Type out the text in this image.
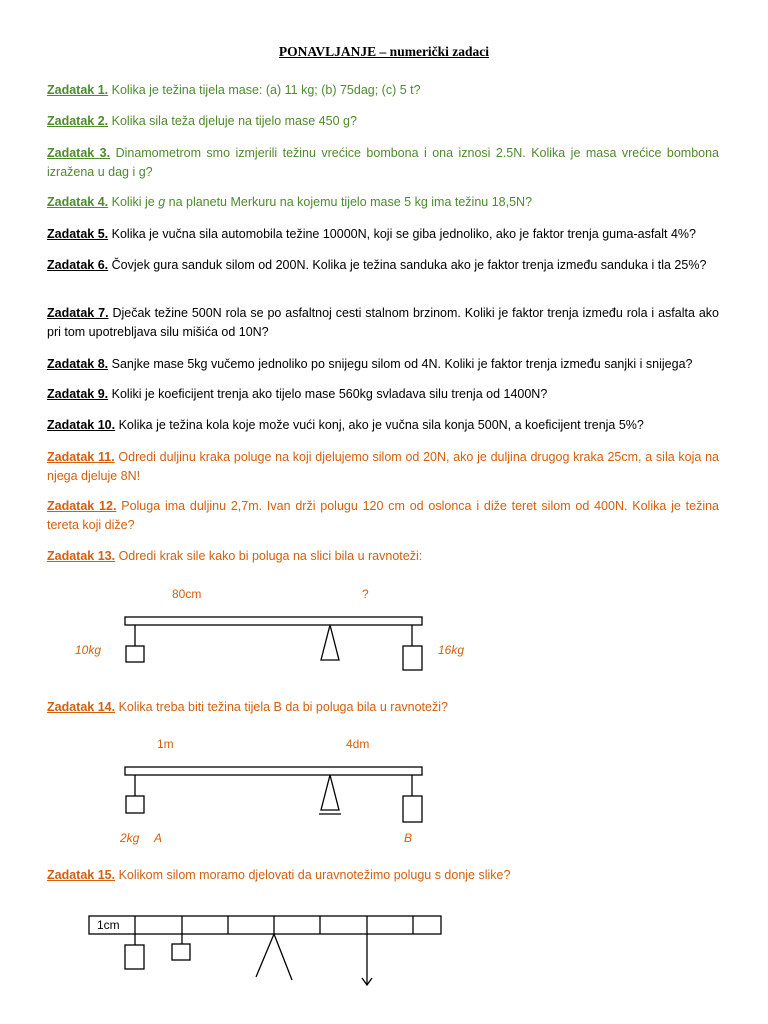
PONAVLJANJE – numerički zadaci
Zadatak 1. Kolika je težina tijela mase: (a) 11 kg; (b) 75dag; (c) 5 t?
Zadatak 2. Kolika sila teža djeluje na tijelo mase 450 g?
Zadatak 3. Dinamometrom smo izmjerili težinu vrećice bombona i ona iznosi 2.5N. Kolika je masa vrećice bombona izražena u dag i g?
Zadatak 4. Koliki je g na planetu Merkuru na kojemu tijelo mase 5 kg ima težinu 18,5N?
Zadatak 5. Kolika je vučna sila automobila težine 10000N, koji se giba jednoliko, ako je faktor trenja guma-asfalt 4%?
Zadatak 6. Čovjek gura sanduk silom od 200N. Kolika je težina sanduka ako je faktor trenja između sanduka i tla 25%?
Zadatak 7. Dječak težine 500N rola se po asfaltnoj cesti stalnom brzinom. Koliki je faktor trenja između rola i asfalta ako pri tom upotrebljava silu mišića od 10N?
Zadatak 8. Sanjke mase 5kg vučemo jednoliko po snijegu silom od 4N. Koliki je faktor trenja između sanjki i snijega?
Zadatak 9. Koliki je koeficijent trenja ako tijelo mase 560kg svladava silu trenja od 1400N?
Zadatak 10. Kolika je težina kola koje može vući konj, ako je vučna sila konja 500N, a koeficijent trenja 5%?
Zadatak 11. Odredi duljinu kraka poluge na koji djelujemo silom od 20N, ako je duljina drugog kraka 25cm, a sila koja na njega djeluje 8N!
Zadatak 12. Poluga ima duljinu 2,7m. Ivan drži polugu 120 cm od oslonca i diže teret silom od 400N. Kolika je težina tereta koji diže?
Zadatak 13. Odredi krak sile kako bi poluga na slici bila u ravnoteži:
Zadatak 14. Kolika treba biti težina tijela B da bi poluga bila u ravnoteži?
Zadatak 15. Kolikom silom moramo djelovati da uravnotežimo polugu s donje slike?
80cm	?
10kg	16kg
1m	4dm
2kg A	B
1cm
